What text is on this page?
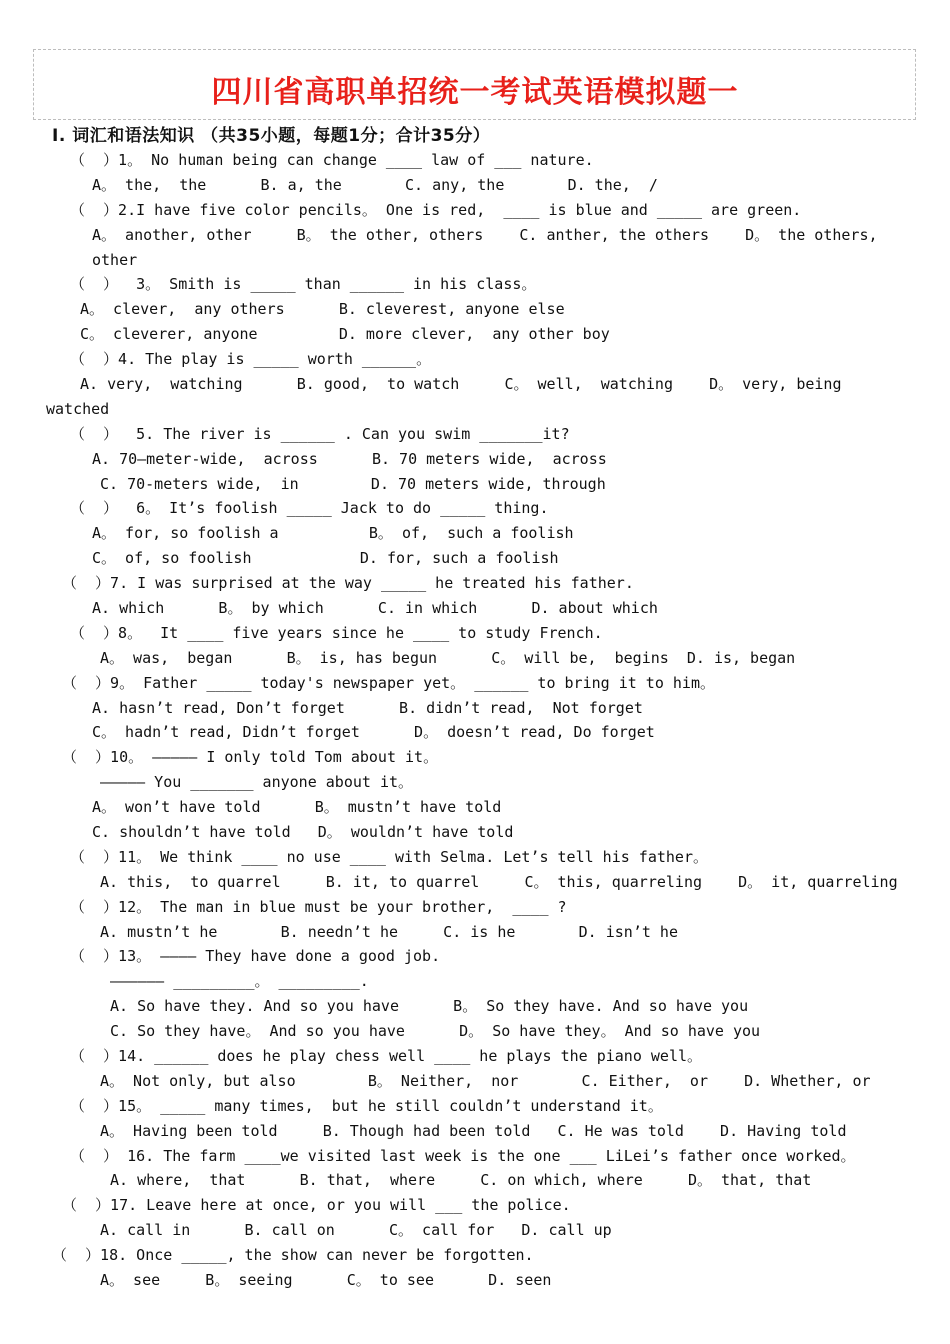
四川省高职单招统一考试英语模拟题一
Ⅰ. 词汇和语法知识 （共35小题，每题1分；合计35分）

（  ）1。 No human being can change ____ law of ___ nature.

A。 the,  the      B. a, the       C. any, the       D. the,  /

（  ）2.I have five color pencils。 One is red,  ____ is blue and _____ are green.

A。 another, other     B。 the other, others    C. anther, the others    D。 the others,

other

（  ）  3。 Smith is _____ than ______ in his class。

A。 clever,  any others      B. cleverest, anyone else

C。 cleverer, anyone         D. more clever,  any other boy

（  ）4. The play is _____ worth ______。

A. very,  watching      B. good,  to watch     C。 well,  watching    D。 very, being

watched

（  ）  5. The river is ______ . Can you swim _______it?

A. 70—meter-wide,  across      B. 70 meters wide,  across

C. 70-meters wide,  in        D. 70 meters wide, through

（  ）  6。 It’s foolish _____ Jack to do _____ thing.

A。 for, so foolish a          B。 of,  such a foolish

C。 of, so foolish            D. for, such a foolish

（  ）7. I was surprised at the way _____ he treated his father.

A. which      B。 by which      C. in which      D. about which

（  ）8。  It ____ five years since he ____ to study French.

A。 was,  began      B。 is, has begun      C。 will be,  begins  D. is, began

（  ）9。 Father _____ today's newspaper yet。 ______ to bring it to him。

A. hasn’t read, Don’t forget      B. didn’t read,  Not forget

C。 hadn’t read, Didn’t forget      D。 doesn’t read, Do forget

（  ）10。 ————— I only told Tom about it。

————— You _______ anyone about it。

A。 won’t have told      B。 mustn’t have told

C. shouldn’t have told   D。 wouldn’t have told

（  ）11。 We think ____ no use ____ with Selma. Let’s tell his father。

A. this,  to quarrel     B. it, to quarrel     C。 this, quarreling    D。 it, quarreling

（  ）12。 The man in blue must be your brother,  ____ ?

A. mustn’t he       B. needn’t he     C. is he       D. isn’t he

（  ）13。 ———— They have done a good job.

—————— _________。 _________.

A. So have they. And so you have      B。 So they have. And so have you

C. So they have。 And so you have      D。 So have they。 And so have you

（  ）14. ______ does he play chess well ____ he plays the piano well。

A。 Not only, but also        B。 Neither,  nor       C. Either,  or    D. Whether, or

（  ）15。 _____ many times,  but he still couldn’t understand it。

A。 Having been told     B. Though had been told   C. He was told    D. Having told

（  ） 16. The farm ____we visited last week is the one ___ LiLei’s father once worked。

A. where,  that      B. that,  where     C. on which, where     D。 that, that

（  ）17. Leave here at once, or you will ___ the police.

A. call in      B. call on      C。 call for   D. call up

（  ）18. Once _____, the show can never be forgotten.

A。 see     B。 seeing      C。 to see      D. seen
